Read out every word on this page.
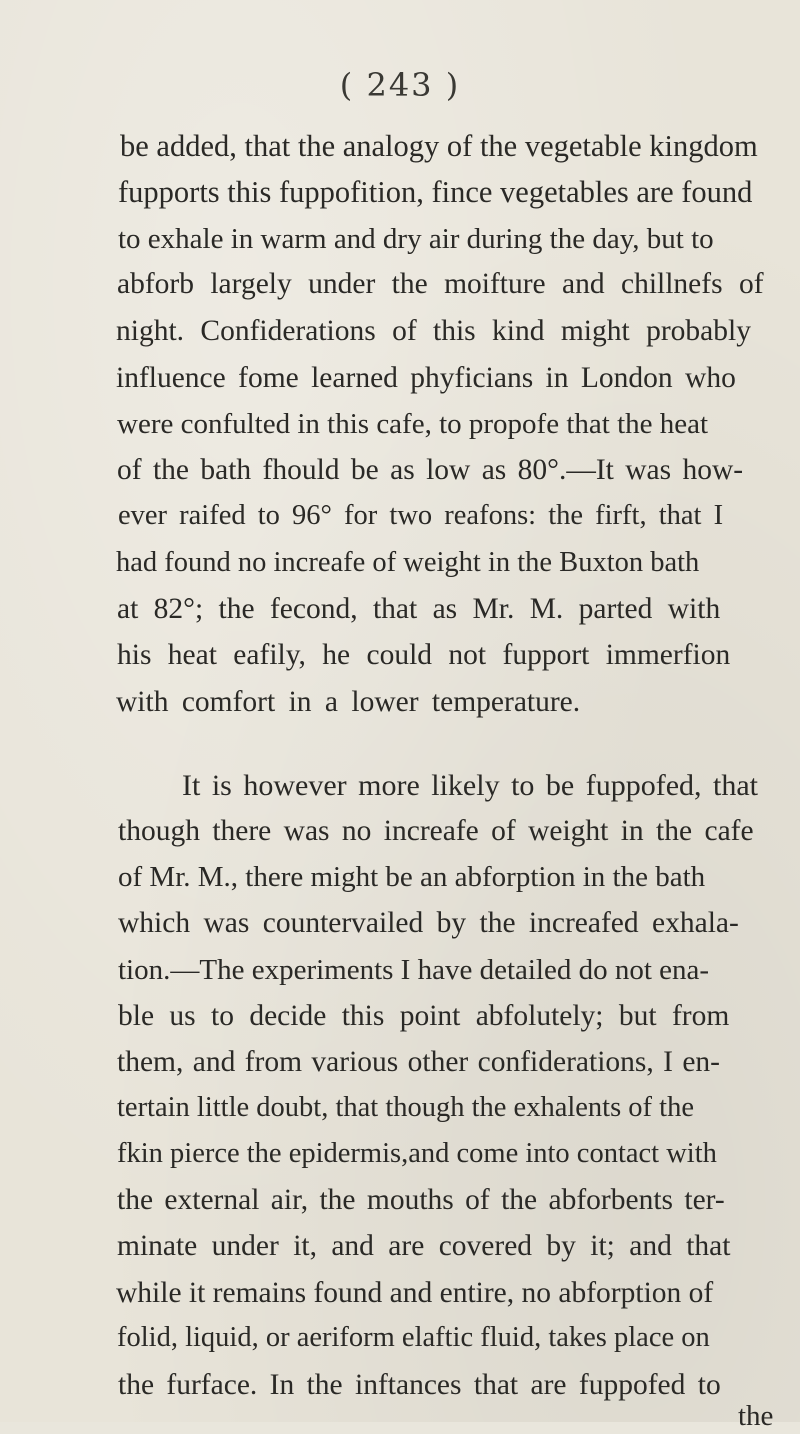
( 243 )
be added, that the analogy of the vegetable kingdom
fupports this fuppofition, fince vegetables are found
to exhale in warm and dry air during the day, but to
abforb largely under the moifture and chillnefs of
night. Confiderations of this kind might probably
influence fome learned phyficians in London who
were confulted in this cafe, to propofe that the heat
of the bath fhould be as low as 80°.—It was how-
ever raifed to 96° for two reafons: the firft, that I
had found no increafe of weight in the Buxton bath
at 82°; the fecond, that as Mr. M. parted with
his heat eafily, he could not fupport immerfion
with comfort in a lower temperature.
It is however more likely to be fuppofed, that
though there was no increafe of weight in the cafe
of Mr. M., there might be an abforption in the bath
which was countervailed by the increafed exhala-
tion.—The experiments I have detailed do not ena-
ble us to decide this point abfolutely; but from
them, and from various other confiderations, I en-
tertain little doubt, that though the exhalents of the
fkin pierce the epidermis,and come into contact with
the external air, the mouths of the abforbents ter-
minate under it, and are covered by it; and that
while it remains found and entire, no abforption of
folid, liquid, or aeriform elaftic fluid, takes place on
the furface. In the inftances that are fuppofed to
the
